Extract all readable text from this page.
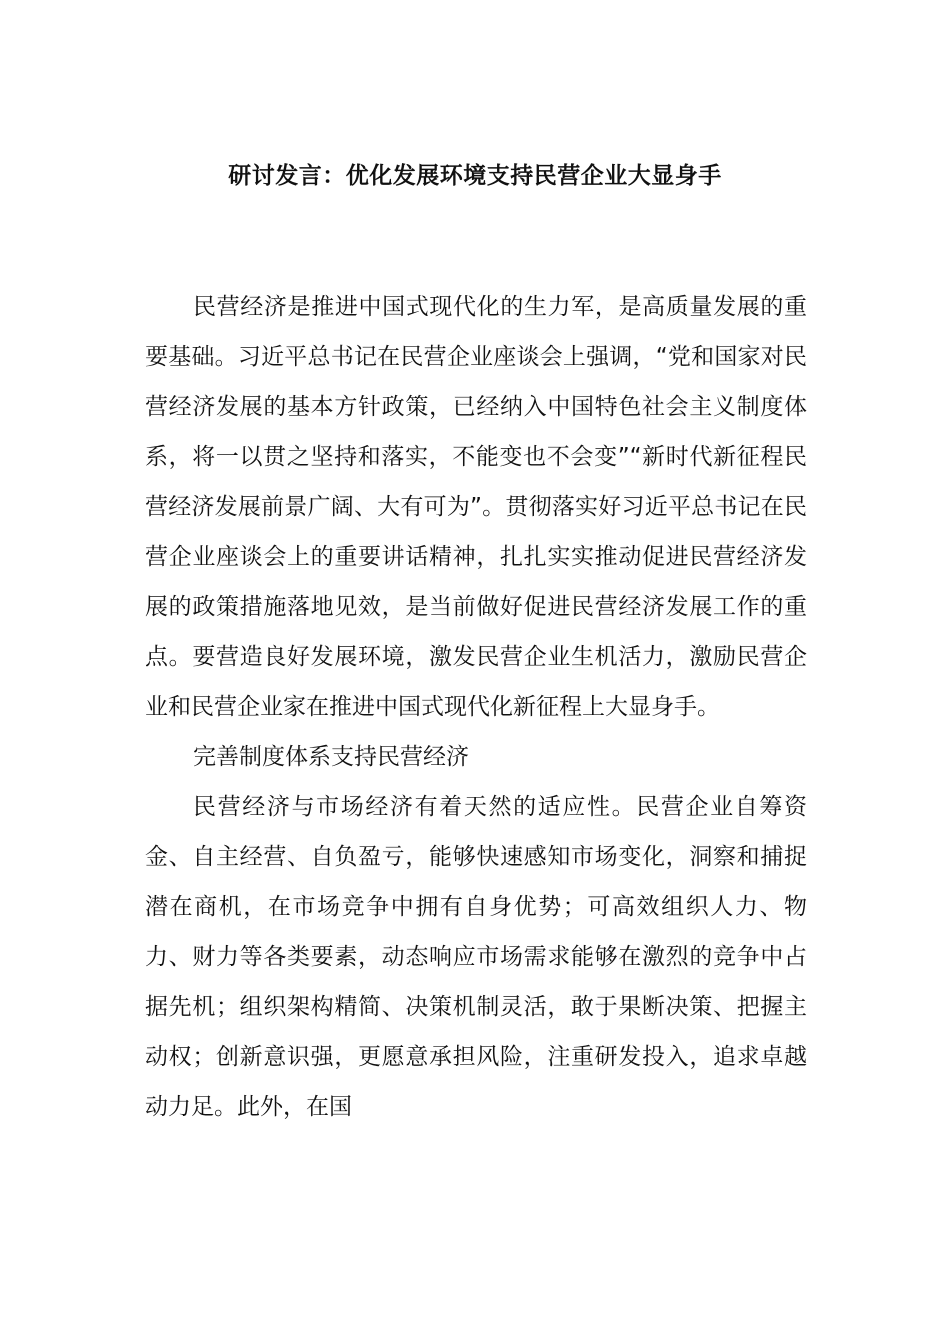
研讨发言：优化发展环境支持民营企业大显身手

民营经济是推进中国式现代化的生力军，是高质量发展的重要基础。习近平总书记在民营企业座谈会上强调，“党和国家对民营经济发展的基本方针政策，已经纳入中国特色社会主义制度体系，将一以贯之坚持和落实，不能变也不会变”“新时代新征程民营经济发展前景广阔、大有可为”。贯彻落实好习近平总书记在民营企业座谈会上的重要讲话精神，扎扎实实推动促进民营经济发展的政策措施落地见效，是当前做好促进民营经济发展工作的重点。要营造良好发展环境，激发民营企业生机活力，激励民营企业和民营企业家在推进中国式现代化新征程上大显身手。

完善制度体系支持民营经济

民营经济与市场经济有着天然的适应性。民营企业自筹资金、自主经营、自负盈亏，能够快速感知市场变化，洞察和捕捉潜在商机，在市场竞争中拥有自身优势；可高效组织人力、物力、财力等各类要素，动态响应市场需求能够在激烈的竞争中占据先机；组织架构精简、决策机制灵活，敢于果断决策、把握主动权；创新意识强，更愿意承担风险，注重研发投入，追求卓越动力足。此外，在国
